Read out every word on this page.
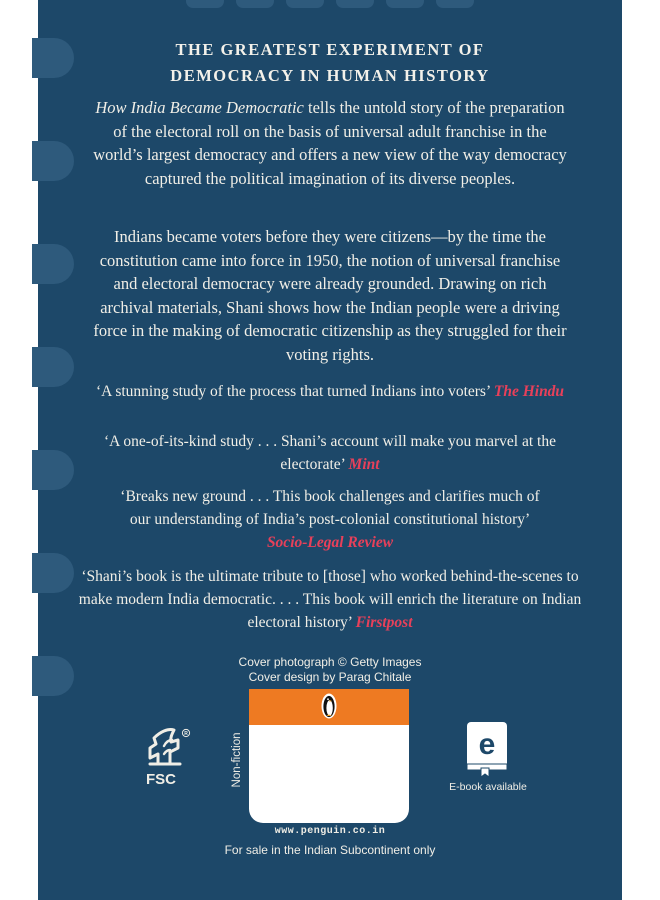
THE GREATEST EXPERIMENT OF
DEMOCRACY IN HUMAN HISTORY
How India Became Democratic tells the untold story of the preparation of the electoral roll on the basis of universal adult franchise in the world’s largest democracy and offers a new view of the way democracy captured the political imagination of its diverse peoples.
Indians became voters before they were citizens—by the time the constitution came into force in 1950, the notion of universal franchise and electoral democracy were already grounded. Drawing on rich archival materials, Shani shows how the Indian people were a driving force in the making of democratic citizenship as they struggled for their voting rights.
‘A stunning study of the process that turned Indians into voters’ The Hindu
‘A one-of-its-kind study . . . Shani’s account will make you marvel at the electorate’ Mint
‘Breaks new ground . . . This book challenges and clarifies much of our understanding of India’s post-colonial constitutional history’ Socio-Legal Review
‘Shani’s book is the ultimate tribute to [those] who worked behind-the-scenes to make modern India democratic. . . . This book will enrich the literature on Indian electoral history’ Firstpost
Cover photograph © Getty Images
Cover design by Parag Chitale
Non-fiction
R
FSC
e
E-book available
www.penguin.co.in
For sale in the Indian Subcontinent only
